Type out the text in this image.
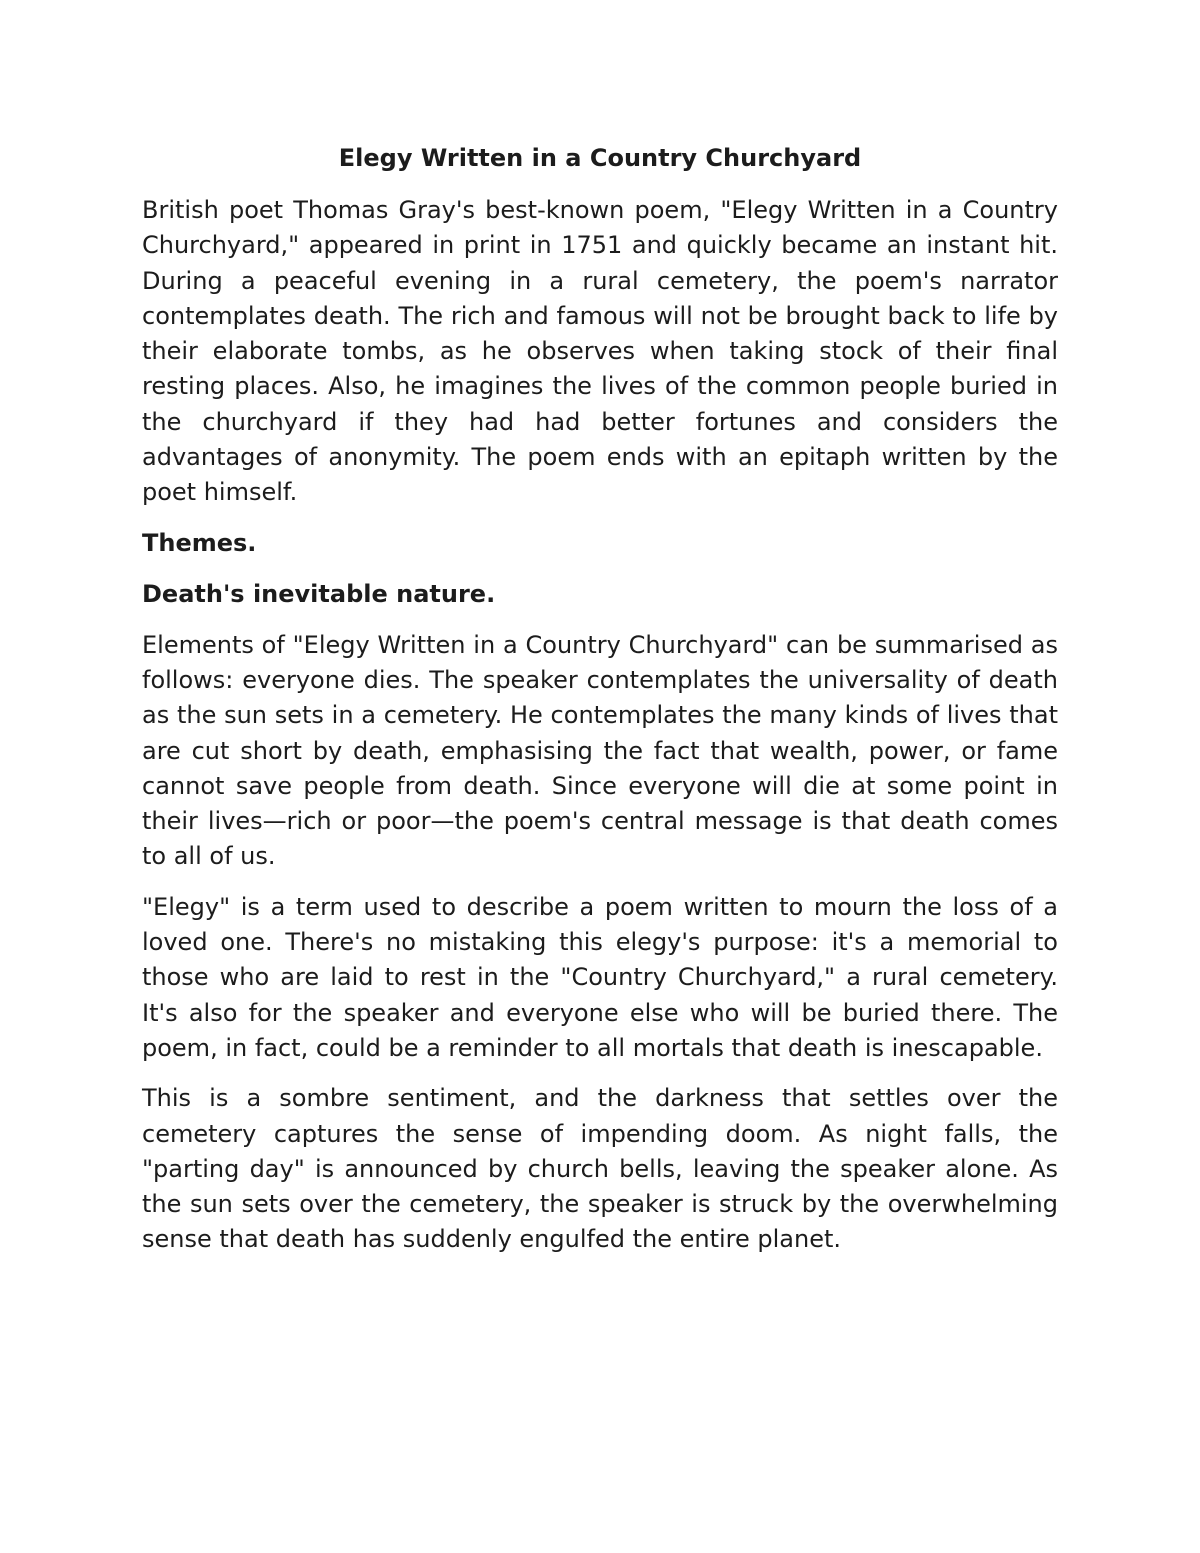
Elegy Written in a Country Churchyard
British poet Thomas Gray's best-known poem, "Elegy Written in a Country Churchyard," appeared in print in 1751 and quickly became an instant hit. During a peaceful evening in a rural cemetery, the poem's narrator contemplates death. The rich and famous will not be brought back to life by their elaborate tombs, as he observes when taking stock of their final resting places. Also, he imagines the lives of the common people buried in the churchyard if they had had better fortunes and considers the advantages of anonymity. The poem ends with an epitaph written by the poet himself.
Themes.
Death's inevitable nature.
Elements of "Elegy Written in a Country Churchyard" can be summarised as follows: everyone dies. The speaker contemplates the universality of death as the sun sets in a cemetery. He contemplates the many kinds of lives that are cut short by death, emphasising the fact that wealth, power, or fame cannot save people from death. Since everyone will die at some point in their lives—rich or poor—the poem's central message is that death comes to all of us.
"Elegy" is a term used to describe a poem written to mourn the loss of a loved one. There's no mistaking this elegy's purpose: it's a memorial to those who are laid to rest in the "Country Churchyard," a rural cemetery. It's also for the speaker and everyone else who will be buried there. The poem, in fact, could be a reminder to all mortals that death is inescapable.
This is a sombre sentiment, and the darkness that settles over the cemetery captures the sense of impending doom. As night falls, the "parting day" is announced by church bells, leaving the speaker alone. As the sun sets over the cemetery, the speaker is struck by the overwhelming sense that death has suddenly engulfed the entire planet.
